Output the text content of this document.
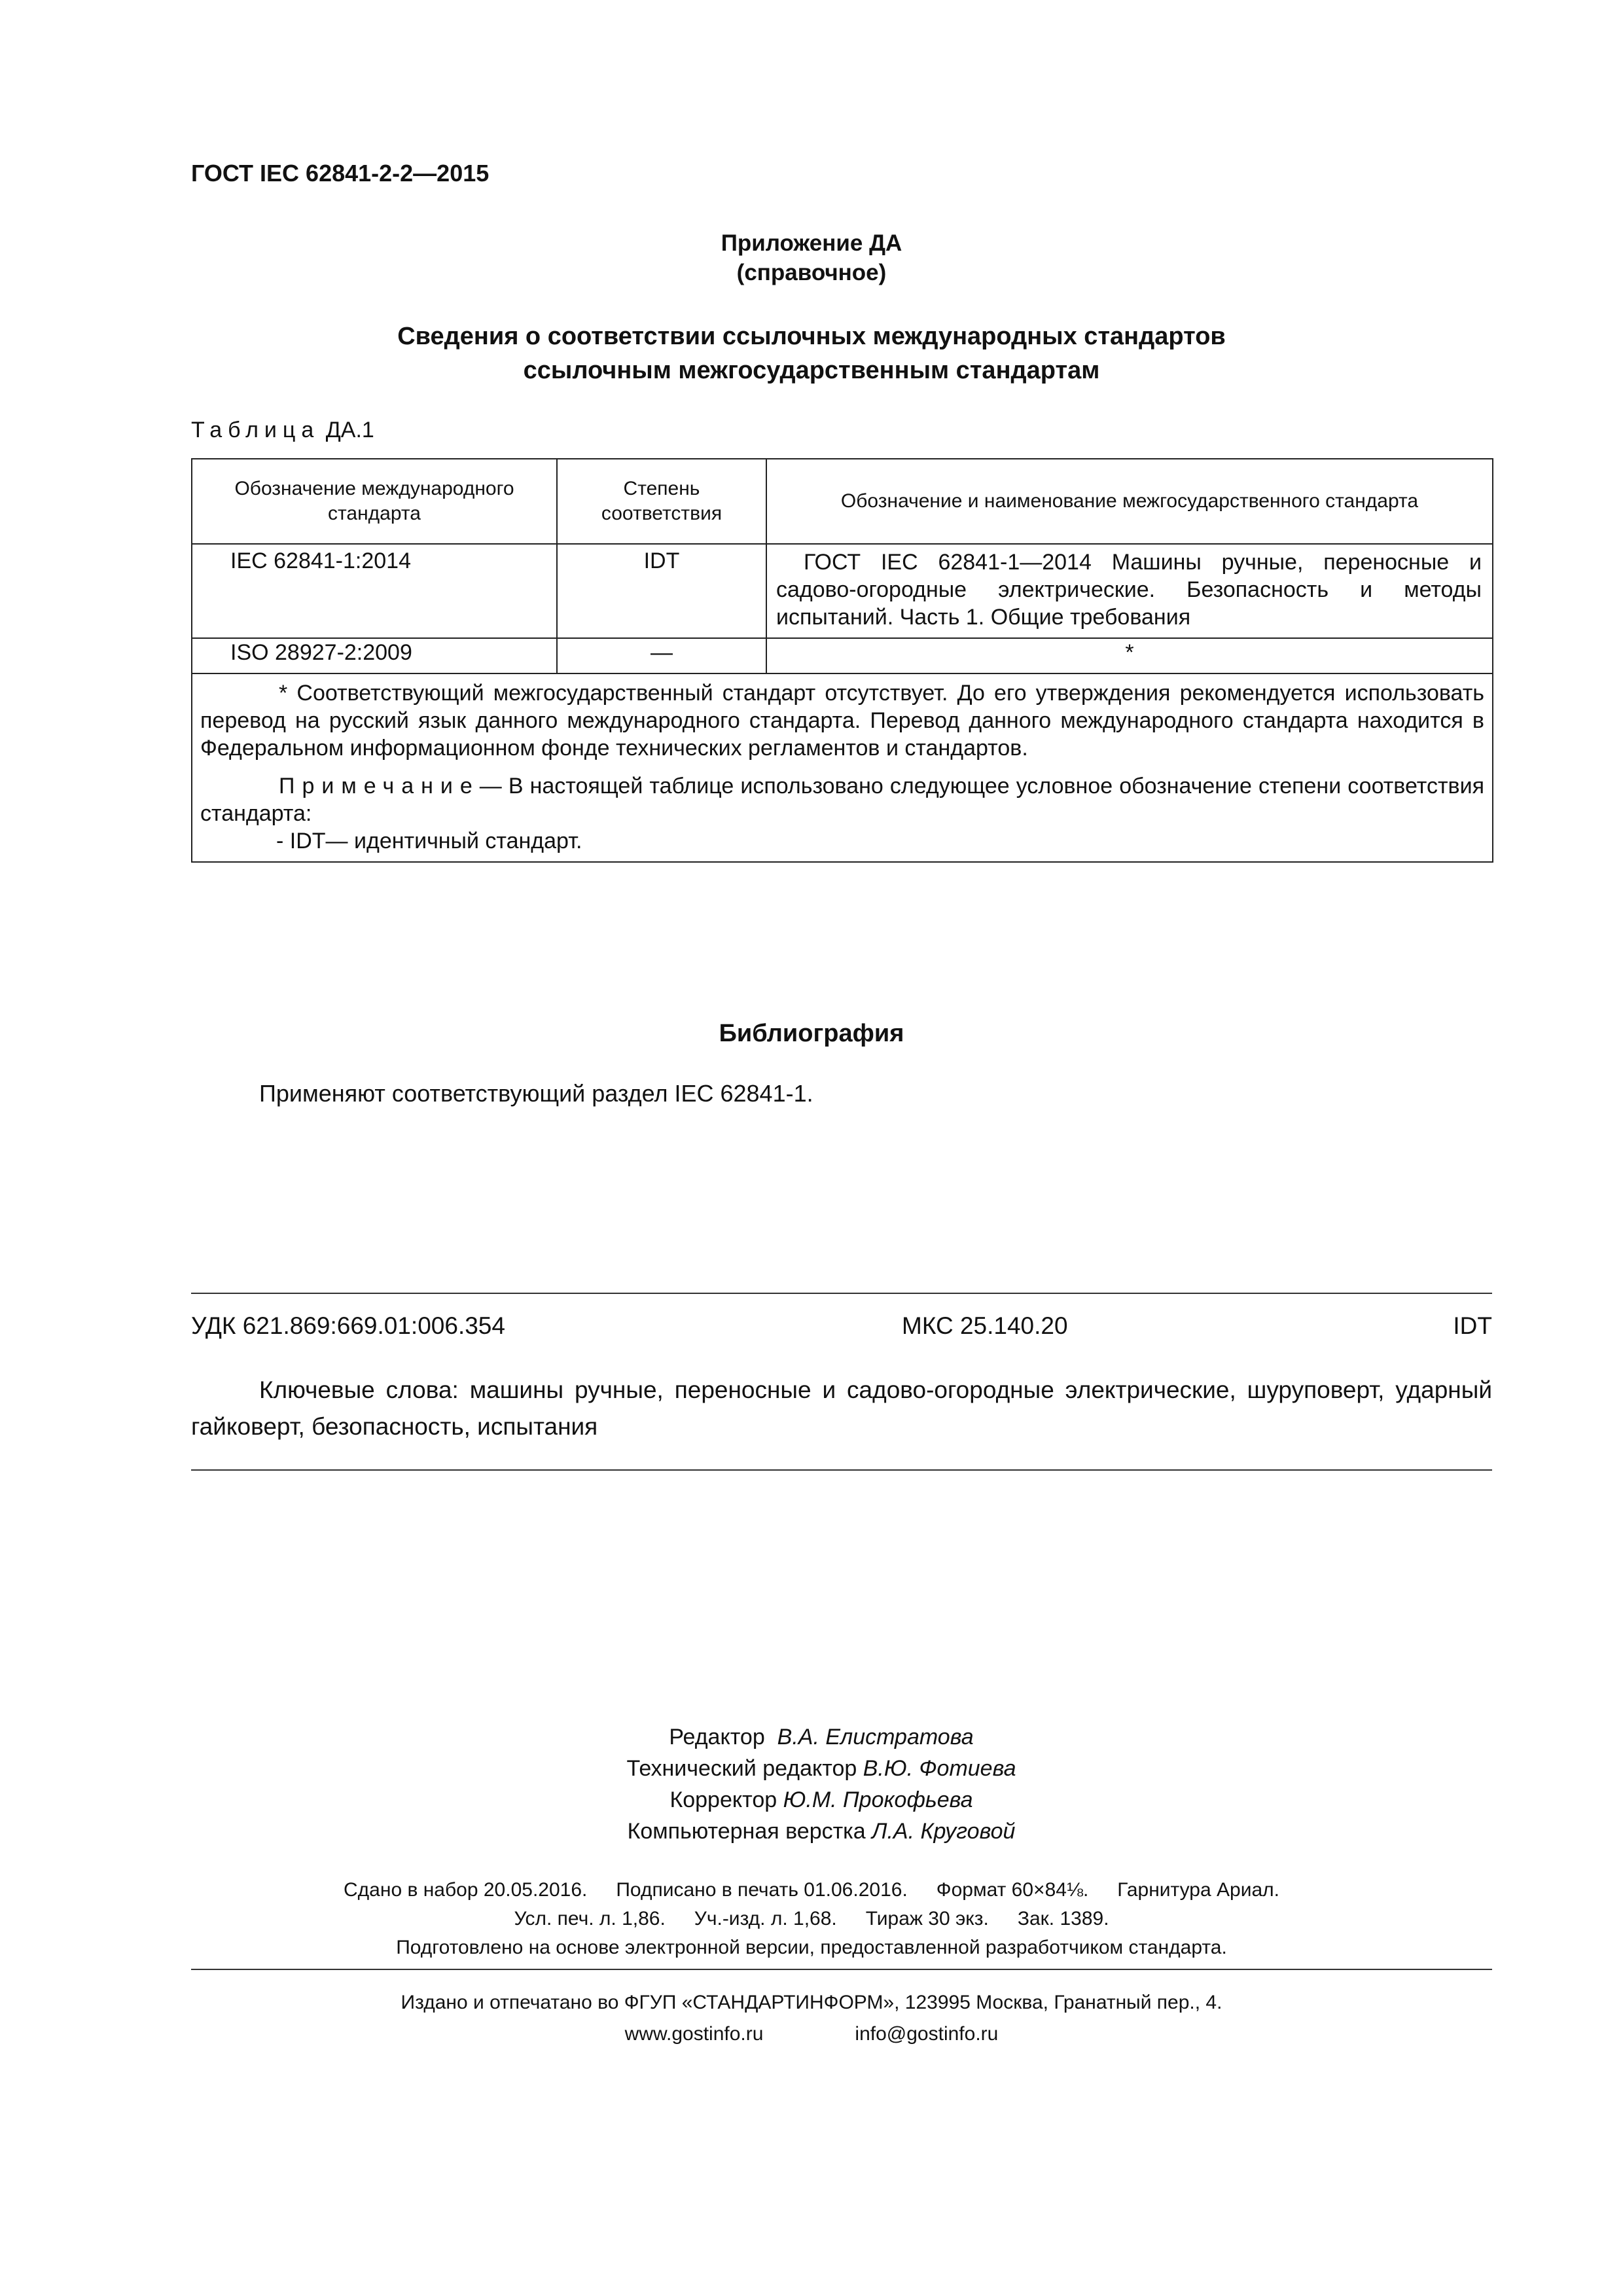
ГОСТ IEC 62841-2-2—2015
Приложение ДА
(справочное)
Сведения о соответствии ссылочных международных стандартов
ссылочным межгосударственным стандартам
Таблица ДА.1
Обозначение международного стандарта	Степень соответствия	Обозначение и наименование межгосударственного стандарта
IEC 62841-1:2014	IDT	ГОСТ IEC 62841-1—2014 Машины ручные, переносные и садово-огородные электрические. Безопасность и методы испытаний. Часть 1. Общие требования
ISO 28927-2:2009	—	*

* Соответствующий межгосударственный стандарт отсутствует. До его утверждения рекомендуется использовать перевод на русский язык данного международного стандарта. Перевод данного международного стандарта находится в Федеральном информационном фонде технических регламентов и стандартов.

Примечание— В настоящей таблице использовано следующее условное обозначение степени соответствия стандарта:

- IDT— идентичный стандарт.		

Библиография
Применяют соответствующий раздел IEC 62841-1.
УДК 621.869:669.01:006.354	МКС 25.140.20	IDT
Ключевые слова: машины ручные, переносные и садово-огородные электрические, шуруповерт, ударный гайковерт, безопасность, испытания
Редактор В.А. Елистратова
Технический редактор В.Ю. Фотиева
Корректор Ю.М. Прокофьева
Компьютерная верстка Л.А. Круговой
Сдано в набор 20.05.2016. Подписано в печать 01.06.2016. Формат 60×84⅛. Гарнитура Ариал.
Усл. печ. л. 1,86. Уч.-изд. л. 1,68. Тираж 30 экз. Зак. 1389.
Подготовлено на основе электронной версии, предоставленной разработчиком стандарта.
Издано и отпечатано во ФГУП «СТАНДАРТИНФОРМ», 123995 Москва, Гранатный пер., 4.
www.gostinfo.ru	info@gostinfo.ru
